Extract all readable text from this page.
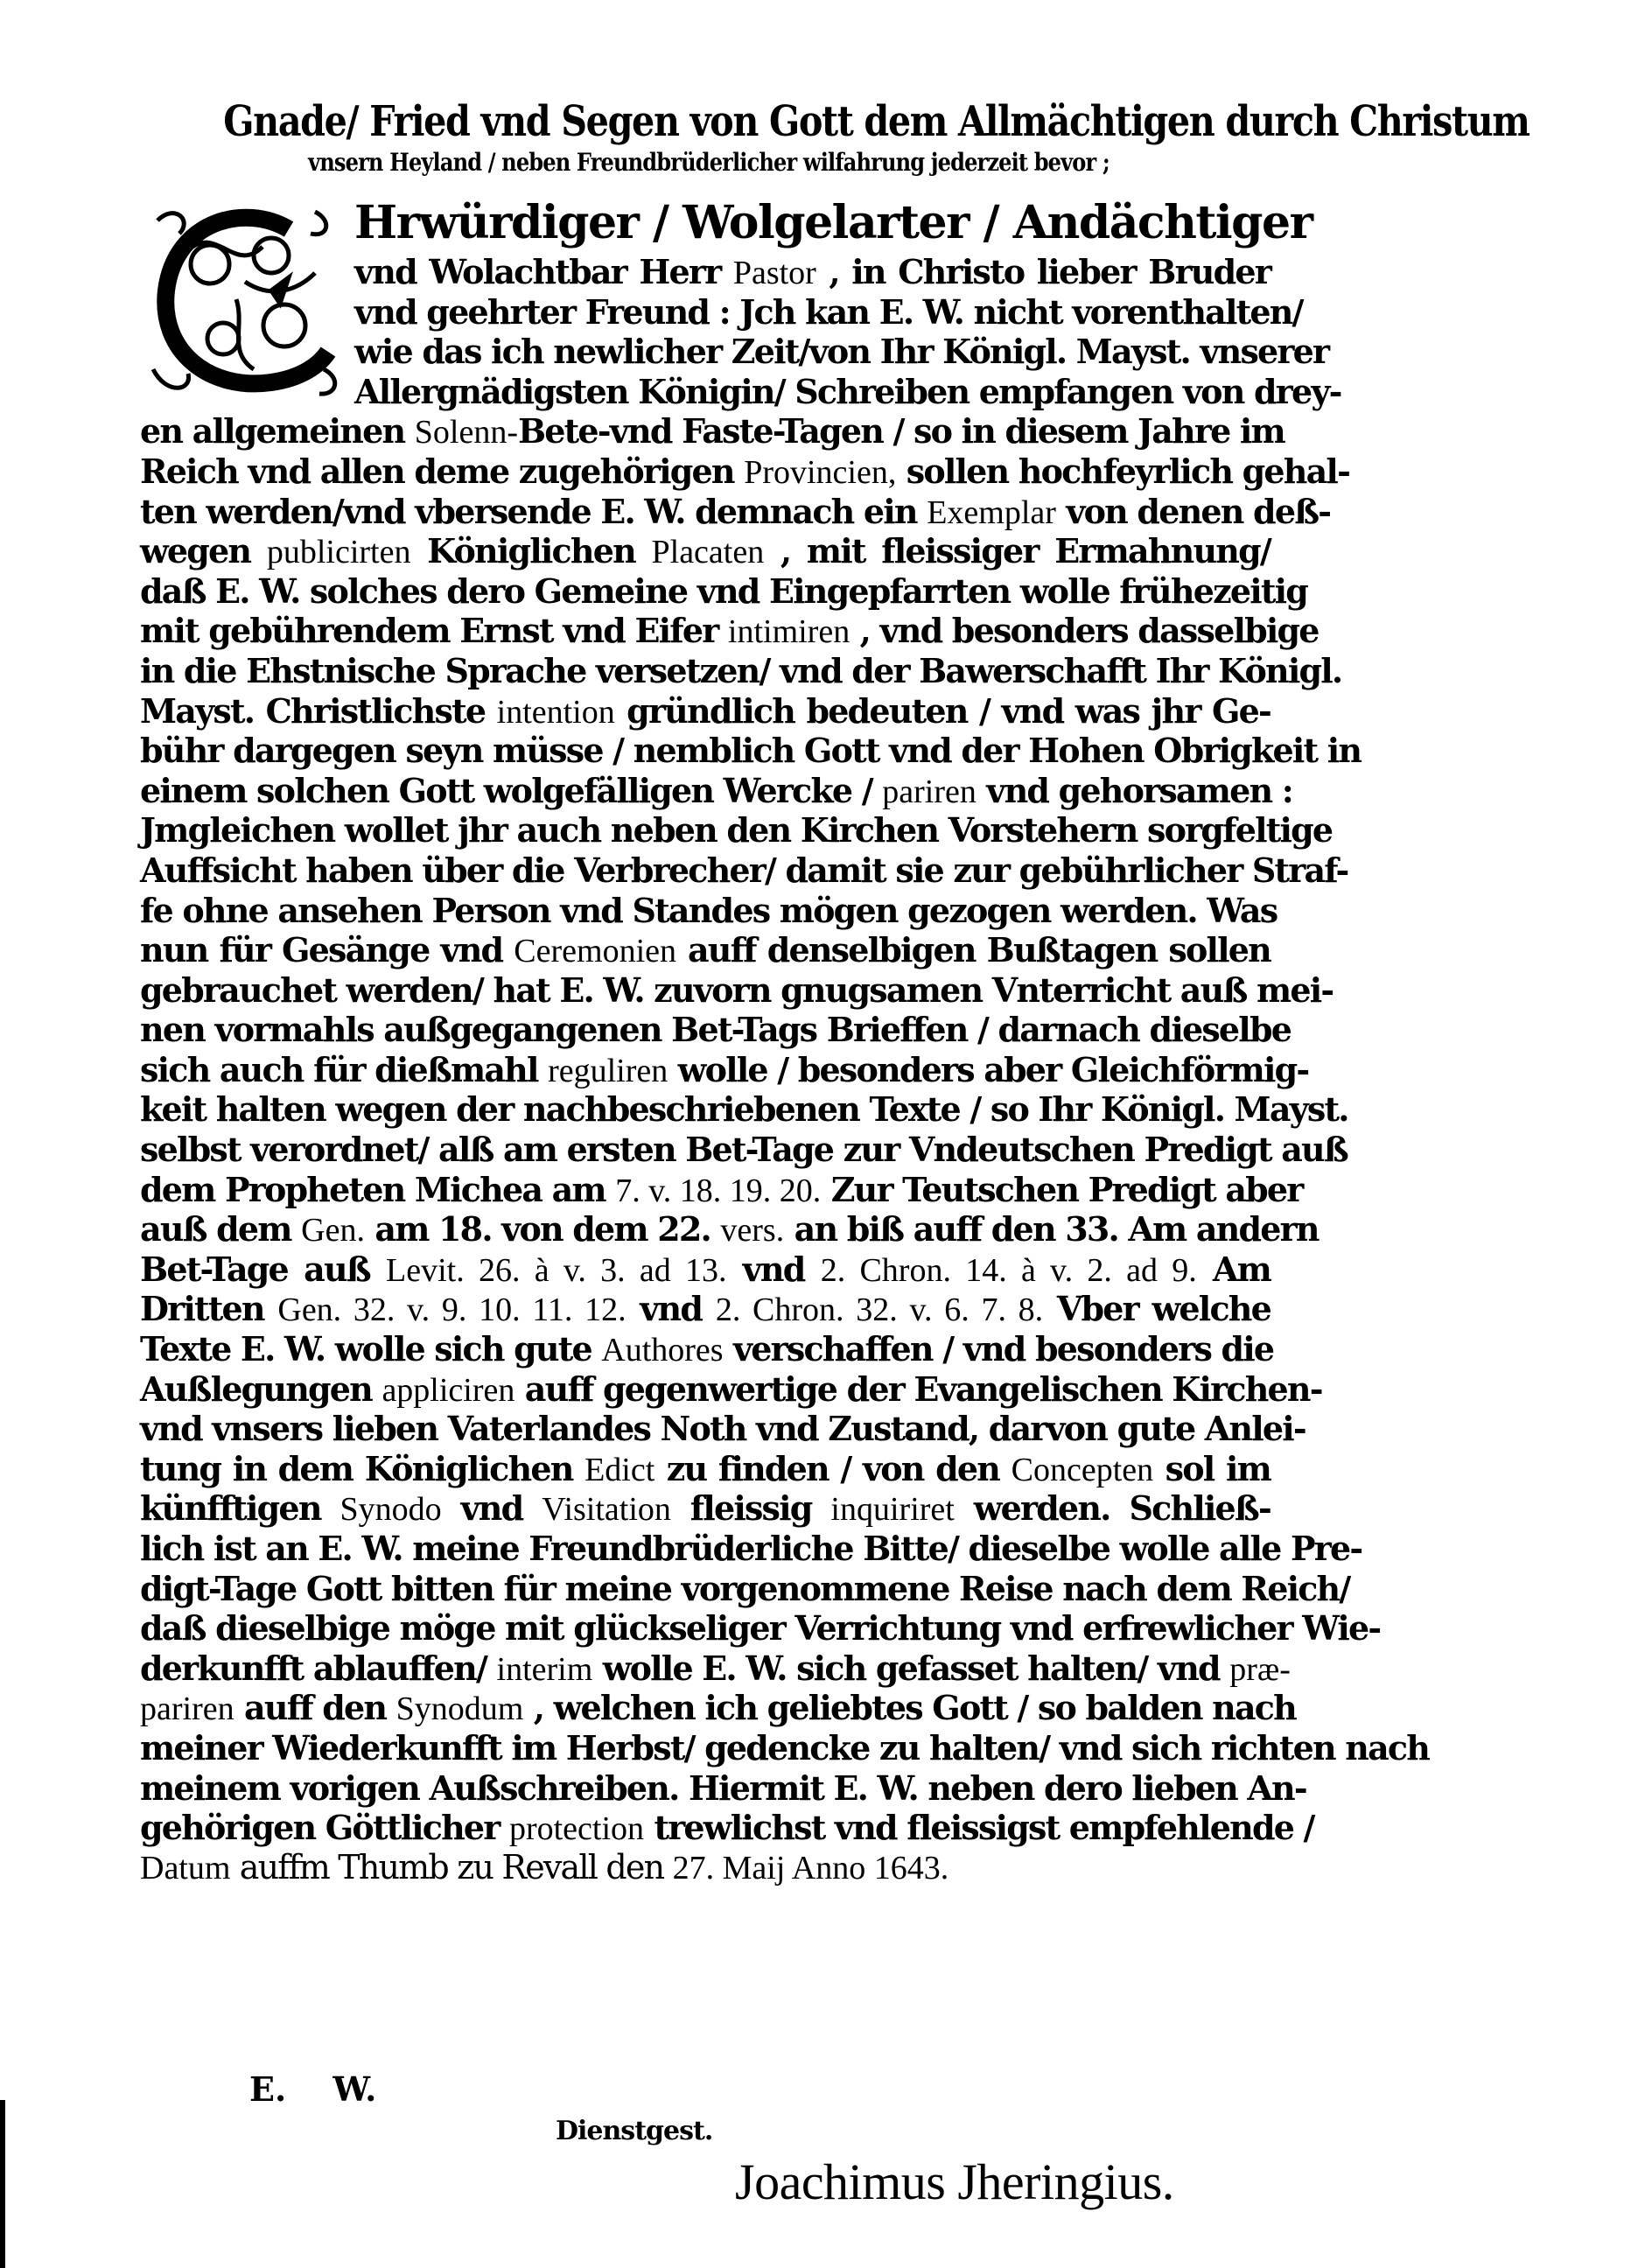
Gnade/ Fried vnd Segen von Gott dem Allmächtigen durch Christum
vnsern Heyland / neben Freundbrüderlicher wilfahrung jederzeit bevor ;
Hrwürdiger / Wolgelarter / Andächtiger
vnd Wolachtbar Herr Pastor , in Christo lieber Bruder
vnd geehrter Freund : Jch kan E. W. nicht vorenthalten/
wie das ich newlicher Zeit/von Ihr Königl. Mayst. vnserer
Allergnädigsten Königin/ Schreiben empfangen von drey-
en allgemeinen Solenn-Bete-vnd Faste-Tagen / so in diesem Jahre im
Reich vnd allen deme zugehörigen Provincien, sollen hochfeyrlich gehal-
ten werden/vnd vbersende E. W. demnach ein Exemplar von denen deß-
wegen publicirten Königlichen Placaten , mit fleissiger Ermahnung/
daß E. W. solches dero Gemeine vnd Eingepfarrten wolle frühezeitig
mit gebührendem Ernst vnd Eifer intimiren , vnd besonders dasselbige
in die Ehstnische Sprache versetzen/ vnd der Bawerschafft Ihr Königl.
Mayst. Christlichste intention gründlich bedeuten / vnd was jhr Ge-
bühr dargegen seyn müsse / nemblich Gott vnd der Hohen Obrigkeit in
einem solchen Gott wolgefälligen Wercke / pariren vnd gehorsamen :
Jmgleichen wollet jhr auch neben den Kirchen Vorstehern sorgfeltige
Auffsicht haben über die Verbrecher/ damit sie zur gebührlicher Straf-
fe ohne ansehen Person vnd Standes mögen gezogen werden. Was
nun für Gesänge vnd Ceremonien auff denselbigen Bußtagen sollen
gebrauchet werden/ hat E. W. zuvorn gnugsamen Vnterricht auß mei-
nen vormahls außgegangenen Bet-Tags Brieffen / darnach dieselbe
sich auch für dießmahl reguliren wolle / besonders aber Gleichförmig-
keit halten wegen der nachbeschriebenen Texte / so Ihr Königl. Mayst.
selbst verordnet/ alß am ersten Bet-Tage zur Vndeutschen Predigt auß
dem Propheten Michea am 7. v. 18. 19. 20. Zur Teutschen Predigt aber
auß dem Gen. am 18. von dem 22. vers. an biß auff den 33. Am andern
Bet-Tage auß Levit. 26. à v. 3. ad 13. vnd 2. Chron. 14. à v. 2. ad 9. Am
Dritten Gen. 32. v. 9. 10. 11. 12. vnd 2. Chron. 32. v. 6. 7. 8. Vber welche
Texte E. W. wolle sich gute Authores verschaffen / vnd besonders die
Außlegungen appliciren auff gegenwertige der Evangelischen Kirchen-
vnd vnsers lieben Vaterlandes Noth vnd Zustand, darvon gute Anlei-
tung in dem Königlichen Edict zu finden / von den Concepten sol im
künfftigen Synodo vnd Visitation fleissig inquiriret werden. Schließ-
lich ist an E. W. meine Freundbrüderliche Bitte/ dieselbe wolle alle Pre-
digt-Tage Gott bitten für meine vorgenommene Reise nach dem Reich/
daß dieselbige möge mit glückseliger Verrichtung vnd erfrewlicher Wie-
derkunfft ablauffen/ interim wolle E. W. sich gefasset halten/ vnd præ-
pariren auff den Synodum , welchen ich geliebtes Gott / so balden nach
meiner Wiederkunfft im Herbst/ gedencke zu halten/ vnd sich richten nach
meinem vorigen Außschreiben. Hiermit E. W. neben dero lieben An-
gehörigen Göttlicher protection trewlichst vnd fleissigst empfehlende /
Datum auffm Thumb zu Revall den 27. Maij Anno 1643.
E. W.
Dienstgest.
Joachimus Jheringius.
